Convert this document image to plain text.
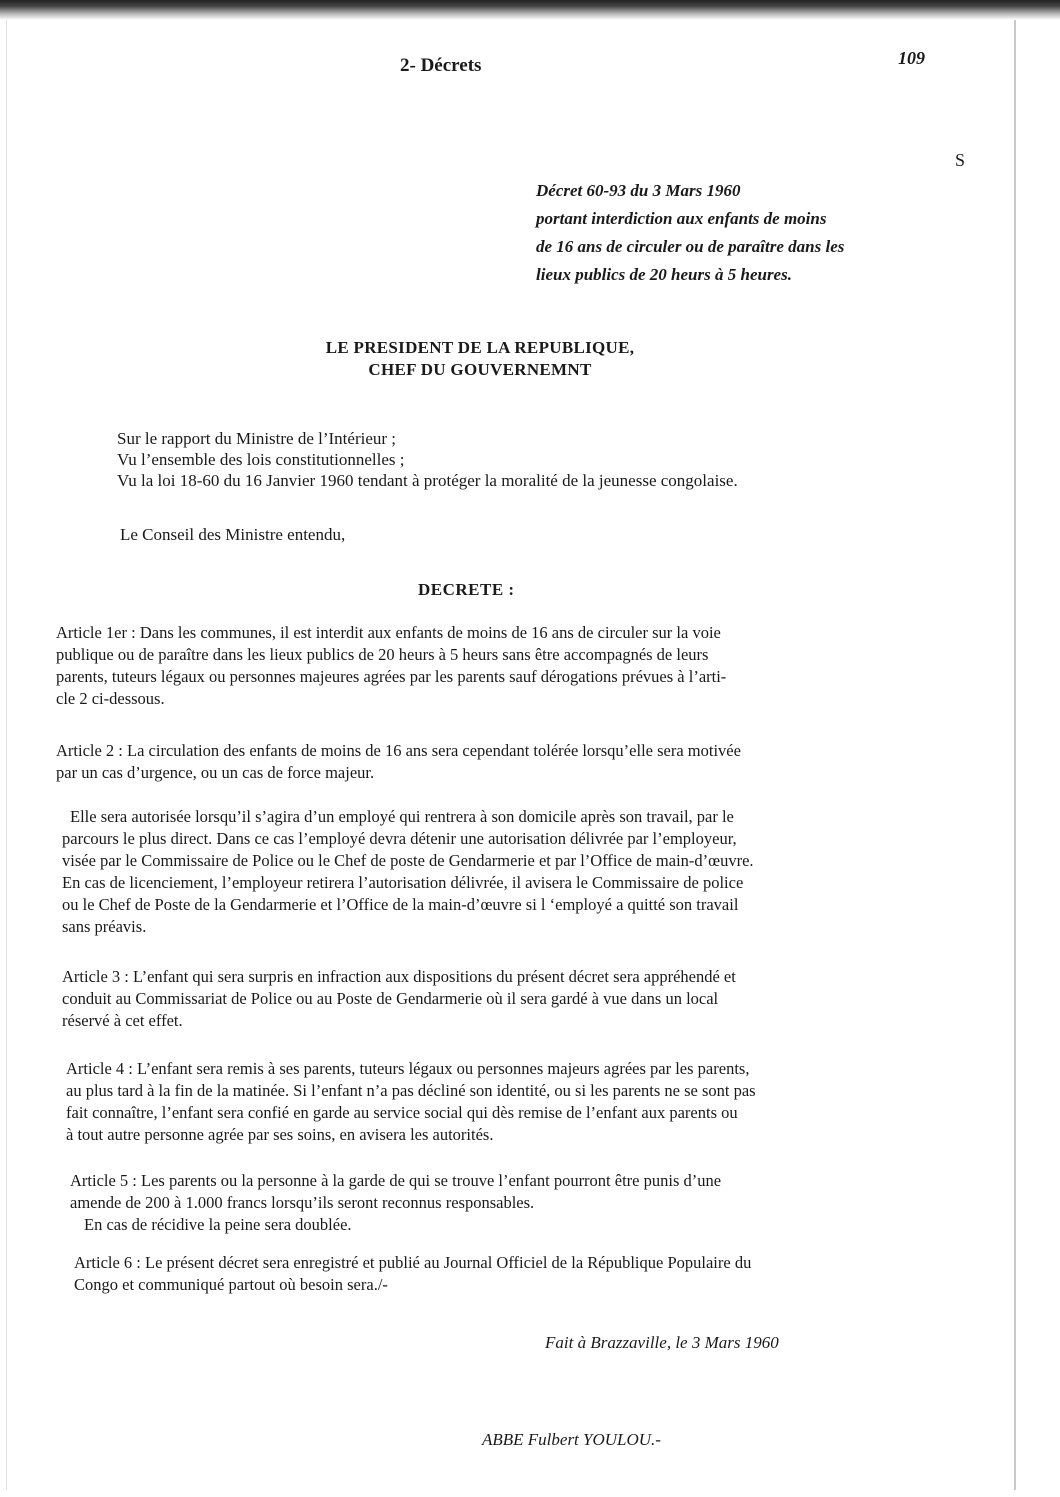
2- Décrets	109
S
Décret 60-93 du 3 Mars 1960
portant interdiction aux enfants de moins
de 16 ans de circuler ou de paraître dans les
lieux publics de 20 heurs à 5 heures.
LE PRESIDENT DE LA REPUBLIQUE,
CHEF DU GOUVERNEMNT
Sur le rapport du Ministre de l’Intérieur ;
Vu l’ensemble des lois constitutionnelles ;
Vu la loi 18-60 du 16 Janvier 1960 tendant à protéger la moralité de la jeunesse congolaise.
Le Conseil des Ministre entendu,
DECRETE :
Article 1er : Dans les communes, il est interdit aux enfants de moins de 16 ans de circuler sur la voie
publique ou de paraître dans les lieux publics de 20 heurs à 5 heurs sans être accompagnés de leurs
parents, tuteurs légaux ou personnes majeures agrées par les parents sauf dérogations prévues à l’arti-
cle 2 ci-dessous.
Article 2 : La circulation des enfants de moins de 16 ans sera cependant tolérée lorsqu’elle sera motivée
par un cas d’urgence, ou un cas de force majeur.
Elle sera autorisée lorsqu’il s’agira d’un employé qui rentrera à son domicile après son travail, par le
parcours le plus direct. Dans ce cas l’employé devra détenir une autorisation délivrée par l’employeur,
visée par le Commissaire de Police ou le Chef de poste de Gendarmerie et par l’Office de main-d’œuvre.
En cas de licenciement, l’employeur retirera l’autorisation délivrée, il avisera le Commissaire de police
ou le Chef de Poste de la Gendarmerie et l’Office de la main-d’œuvre si l ‘employé a quitté son travail
sans préavis.
Article 3 : L’enfant qui sera surpris en infraction aux dispositions du présent décret sera appréhendé et
conduit au Commissariat de Police ou au Poste de Gendarmerie où il sera gardé à vue dans un local
réservé à cet effet.
Article 4 : L’enfant sera remis à ses parents, tuteurs légaux ou personnes majeurs agrées par les parents,
au plus tard à la fin de la matinée. Si l’enfant n’a pas décliné son identité, ou si les parents ne se sont pas
fait connaître, l’enfant sera confié en garde au service social qui dès remise de l’enfant aux parents ou
à tout autre personne agrée par ses soins, en avisera les autorités.
Article 5 : Les parents ou la personne à la garde de qui se trouve l’enfant pourront être punis d’une
amende de 200 à 1.000 francs lorsqu’ils seront reconnus responsables.
En cas de récidive la peine sera doublée.
Article 6 : Le présent décret sera enregistré et publié au Journal Officiel de la République Populaire du
Congo et communiqué partout où besoin sera./-
Fait à Brazzaville, le 3 Mars 1960
ABBE Fulbert YOULOU.-
